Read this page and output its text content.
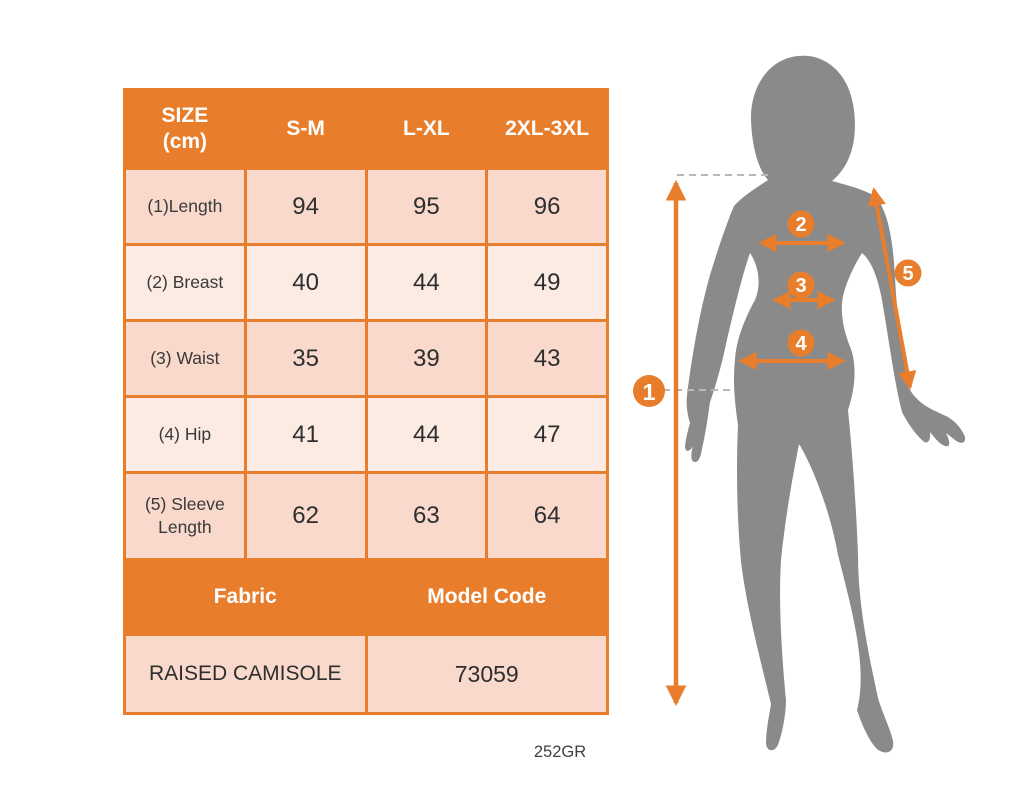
SIZE
(cm)	S-M	L-XL	2XL-3XL
(1)Length	94	95	96
(2) Breast	40	44	49
(3) Waist	35	39	43
(4) Hip	41	44	47
(5) Sleeve Length	62	63	64
Fabric		Model Code	
RAISED CAMISOLE		73059	
252GR
1
2
3
4
5
